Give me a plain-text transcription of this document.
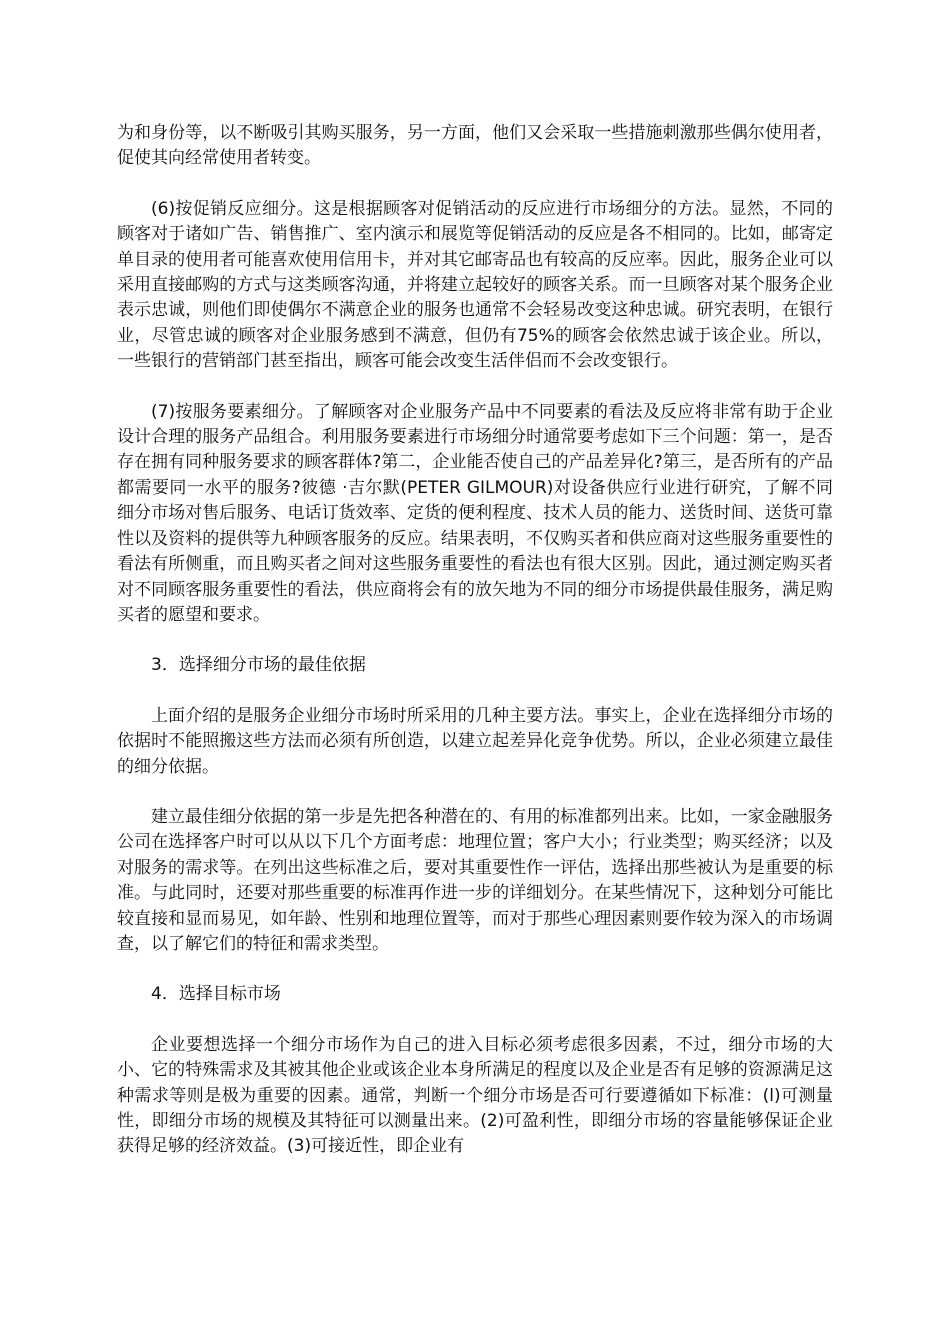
为和身份等，以不断吸引其购买服务，另一方面，他们又会采取一些措施刺激那些偶尔使用者，促使其向经常使用者转变。

(6)按促销反应细分。这是根据顾客对促销活动的反应进行市场细分的方法。显然，不同的顾客对于诸如广告、销售推广、室内演示和展览等促销活动的反应是各不相同的。比如，邮寄定单目录的使用者可能喜欢使用信用卡，并对其它邮寄品也有较高的反应率。因此，服务企业可以采用直接邮购的方式与这类顾客沟通，并将建立起较好的顾客关系。而一旦顾客对某个服务企业表示忠诚，则他们即使偶尔不满意企业的服务也通常不会轻易改变这种忠诚。研究表明，在银行业，尽管忠诚的顾客对企业服务感到不满意，但仍有75%的顾客会依然忠诚于该企业。所以，一些银行的营销部门甚至指出，顾客可能会改变生活伴侣而不会改变银行。

(7)按服务要素细分。了解顾客对企业服务产品中不同要素的看法及反应将非常有助于企业设计合理的服务产品组合。利用服务要素进行市场细分时通常要考虑如下三个问题：第一，是否存在拥有同种服务要求的顾客群体?第二，企业能否使自己的产品差异化?第三，是否所有的产品都需要同一水平的服务?彼德 ·吉尔默(PETER GILMOUR)对设备供应行业进行研究，了解不同细分市场对售后服务、电话订货效率、定货的便利程度、技术人员的能力、送货时间、送货可靠性以及资料的提供等九种顾客服务的反应。结果表明，不仅购买者和供应商对这些服务重要性的看法有所侧重，而且购买者之间对这些服务重要性的看法也有很大区别。因此，通过测定购买者对不同顾客服务重要性的看法，供应商将会有的放矢地为不同的细分市场提供最佳服务，满足购买者的愿望和要求。

3．选择细分市场的最佳依据

上面介绍的是服务企业细分市场时所采用的几种主要方法。事实上，企业在选择细分市场的依据时不能照搬这些方法而必须有所创造，以建立起差异化竞争优势。所以，企业必须建立最佳的细分依据。

建立最佳细分依据的第一步是先把各种潜在的、有用的标准都列出来。比如，一家金融服务公司在选择客户时可以从以下几个方面考虑：地理位置；客户大小；行业类型；购买经济；以及对服务的需求等。在列出这些标准之后，要对其重要性作一评估，选择出那些被认为是重要的标准。与此同时，还要对那些重要的标准再作进一步的详细划分。在某些情况下，这种划分可能比较直接和显而易见，如年龄、性别和地理位置等，而对于那些心理因素则要作较为深入的市场调查，以了解它们的特征和需求类型。

4．选择目标市场

企业要想选择一个细分市场作为自己的进入目标必须考虑很多因素，不过，细分市场的大小、它的特殊需求及其被其他企业或该企业本身所满足的程度以及企业是否有足够的资源满足这种需求等则是极为重要的因素。通常，判断一个细分市场是否可行要遵循如下标准：(l)可测量性，即细分市场的规模及其特征可以测量出来。(2)可盈利性，即细分市场的容量能够保证企业获得足够的经济效益。(3)可接近性，即企业有
